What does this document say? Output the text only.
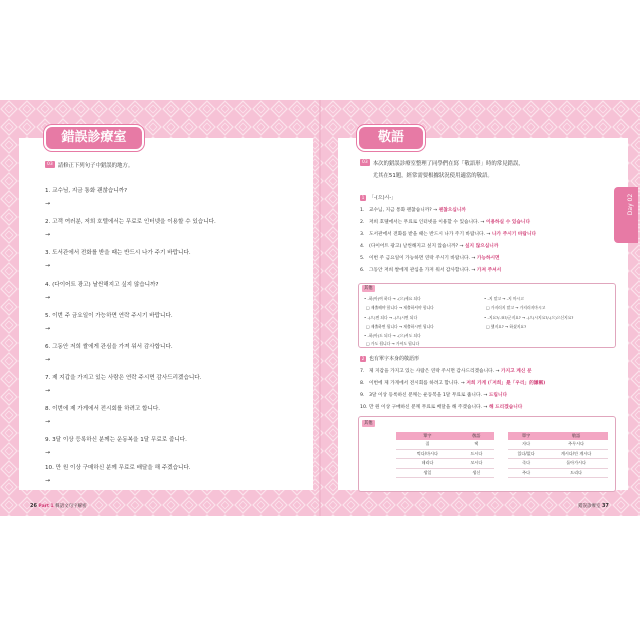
錯誤診療室
03 請修正下列句子中錯誤的地方。
1. 교수님, 지금 통화 괜찮습니까?
→
2. 고객 여러분, 저희 호텔에서는 무료로 인터넷을 이용할 수 있습니다.
→
3. 도서관에서 전화를 받을 때는 반드시 나가 주기 바랍니다.
→
4. (다이어트 광고) 날씬해지고 싶지 않습니까?
→
5. 이번 주 금요일이 가능하면 연락 주시기 바랍니다.
→
6. 그동안 저희 쌀에게 관심을 가져 워서 감사합니다.
→
7. 제 지갑을 가지고 있는 사람은 연락 주시면 감사드리겠습니다.
→
8. 이번에 제 가게에서 전시회를 하려고 합니다.
→
9. 3달 이상 등록하신 분께는 운동복을 1달 무료로 줍니다.
→
10. 만 원 이상 구매하신 분께 무료로 배달을 해 주겠습니다.
→
26 Part 1 韓語文句字解密
敬語
03 本次的錯誤診療室整理了同學們在寫「敬語形」時的常見錯誤，
尤其在51題，經常需要根據狀況使用適當的敬語。
1 「-(으)시-」
1. 교수님, 지금 통화 괜찮습니까? → 괜찮으십니까
2. 저희 호텔에서는 무료로 인터넷을 이용할 수 있습니다. → 이용하실 수 있습니다
3. 도서관에서 전화를 받을 때는 반드시 나가 주기 바랍니다. → 나가 주시기 바랍니다
4. (다이어트 광고) 날씬해지고 싶지 않습니까? → 싶지 않으십니까
5. 이번 주 금요일이 가능하면 연락 주시기 바랍니다. → 가능하시면
6. 그동안 저희 쌀에게 관심을 가져 워서 감사합니다. → 가져 주셔서
其他
• -하(아)여 하다 → -(으)세요 되다
□ 제출해야 합니다 → 제출하셔야 합니다
• -(으)면 되다 → -(으)시면 되다
□ 제출하면 됩니다 → 제출하시면 됩니다
• -하(아)도 되다 → -(으)셔도 되다
□ 가도 됩니다 → 가셔도 됩니다
• -지 말고 → -지 마시고
□ 가지러지 말고 → 가지러지마시고
• -지요?/-죠?/군지요? → -(으)시지요?/-(으)으신지요?
□ 했지요? → 하셨지요?
2 也有單字本身的敬語形
7. 제 지갑을 가지고 있는 사람은 연락 주시면 감사드리겠습니다. → 가지고 계신 분
8. 이번에 제 가게에서 전시회를 하려고 합니다. → 저희 가게 (「저희」是「우리」的謙稱)
9. 3달 이상 등록하신 분께는 운동복을 1달 무료로 줍니다. → 드립니다
10. 만 원 이상 구매하신 분께 무료로 배달을 해 주겠습니다. → 해 드리겠습니다
其他
單字	敬語
집	댁
먹다/마시다	드시다
데리다	모시다
생일	생신
單字	敬語
자다	주무시다
있다/없다	계시다/안 계시다
죽다	돌아가시다
주다	드리다
Day 02
錯誤診療室 37
